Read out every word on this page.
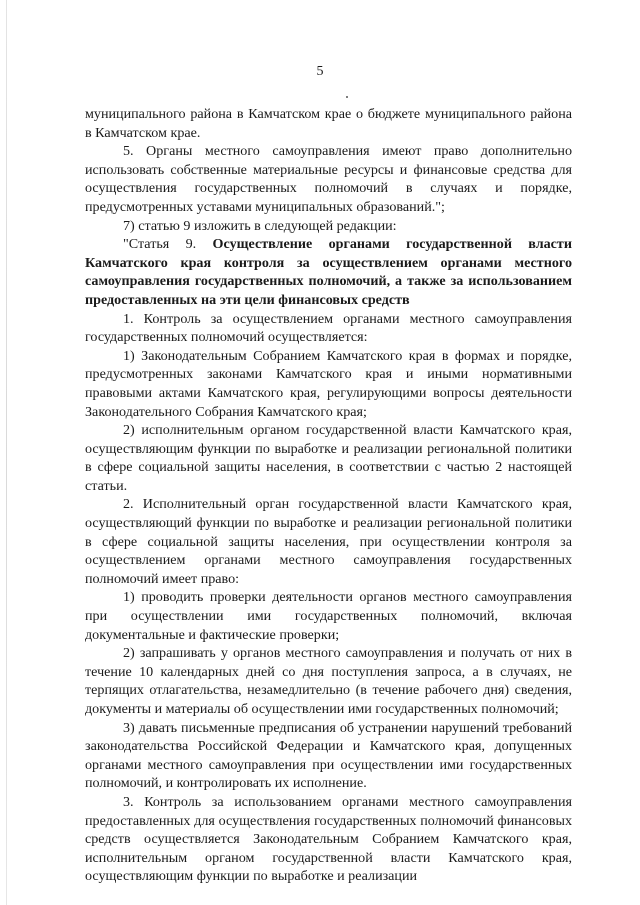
5

муниципального района в Камчатском крае о бюджете муниципального района в Камчатском крае.

5. Органы местного самоуправления имеют право дополнительно использовать собственные материальные ресурсы и финансовые средства для осуществления государственных полномочий в случаях и порядке, предусмотренных уставами муниципальных образований.";

7) статью 9 изложить в следующей редакции:

"Статья 9. Осуществление органами государственной власти Камчатского края контроля за осуществлением органами местного самоуправления государственных полномочий, а также за использованием предоставленных на эти цели финансовых средств

1. Контроль за осуществлением органами местного самоуправления государственных полномочий осуществляется:

1) Законодательным Собранием Камчатского края в формах и порядке, предусмотренных законами Камчатского края и иными нормативными правовыми актами Камчатского края, регулирующими вопросы деятельности Законодательного Собрания Камчатского края;

2) исполнительным органом государственной власти Камчатского края, осуществляющим функции по выработке и реализации региональной политики в сфере социальной защиты населения, в соответствии с частью 2 настоящей статьи.

2. Исполнительный орган государственной власти Камчатского края, осуществляющий функции по выработке и реализации региональной политики в сфере социальной защиты населения, при осуществлении контроля за осуществлением органами местного самоуправления государственных полномочий имеет право:

1) проводить проверки деятельности органов местного самоуправления при осуществлении ими государственных полномочий, включая документальные и фактические проверки;

2) запрашивать у органов местного самоуправления и получать от них в течение 10 календарных дней со дня поступления запроса, а в случаях, не терпящих отлагательства, незамедлительно (в течение рабочего дня) сведения, документы и материалы об осуществлении ими государственных полномочий;

3) давать письменные предписания об устранении нарушений требований законодательства Российской Федерации и Камчатского края, допущенных органами местного самоуправления при осуществлении ими государственных полномочий, и контролировать их исполнение.

3. Контроль за использованием органами местного самоуправления предоставленных для осуществления государственных полномочий финансовых средств осуществляется Законодательным Собранием Камчатского края, исполнительным органом государственной власти Камчатского края, осуществляющим функции по выработке и реализации
